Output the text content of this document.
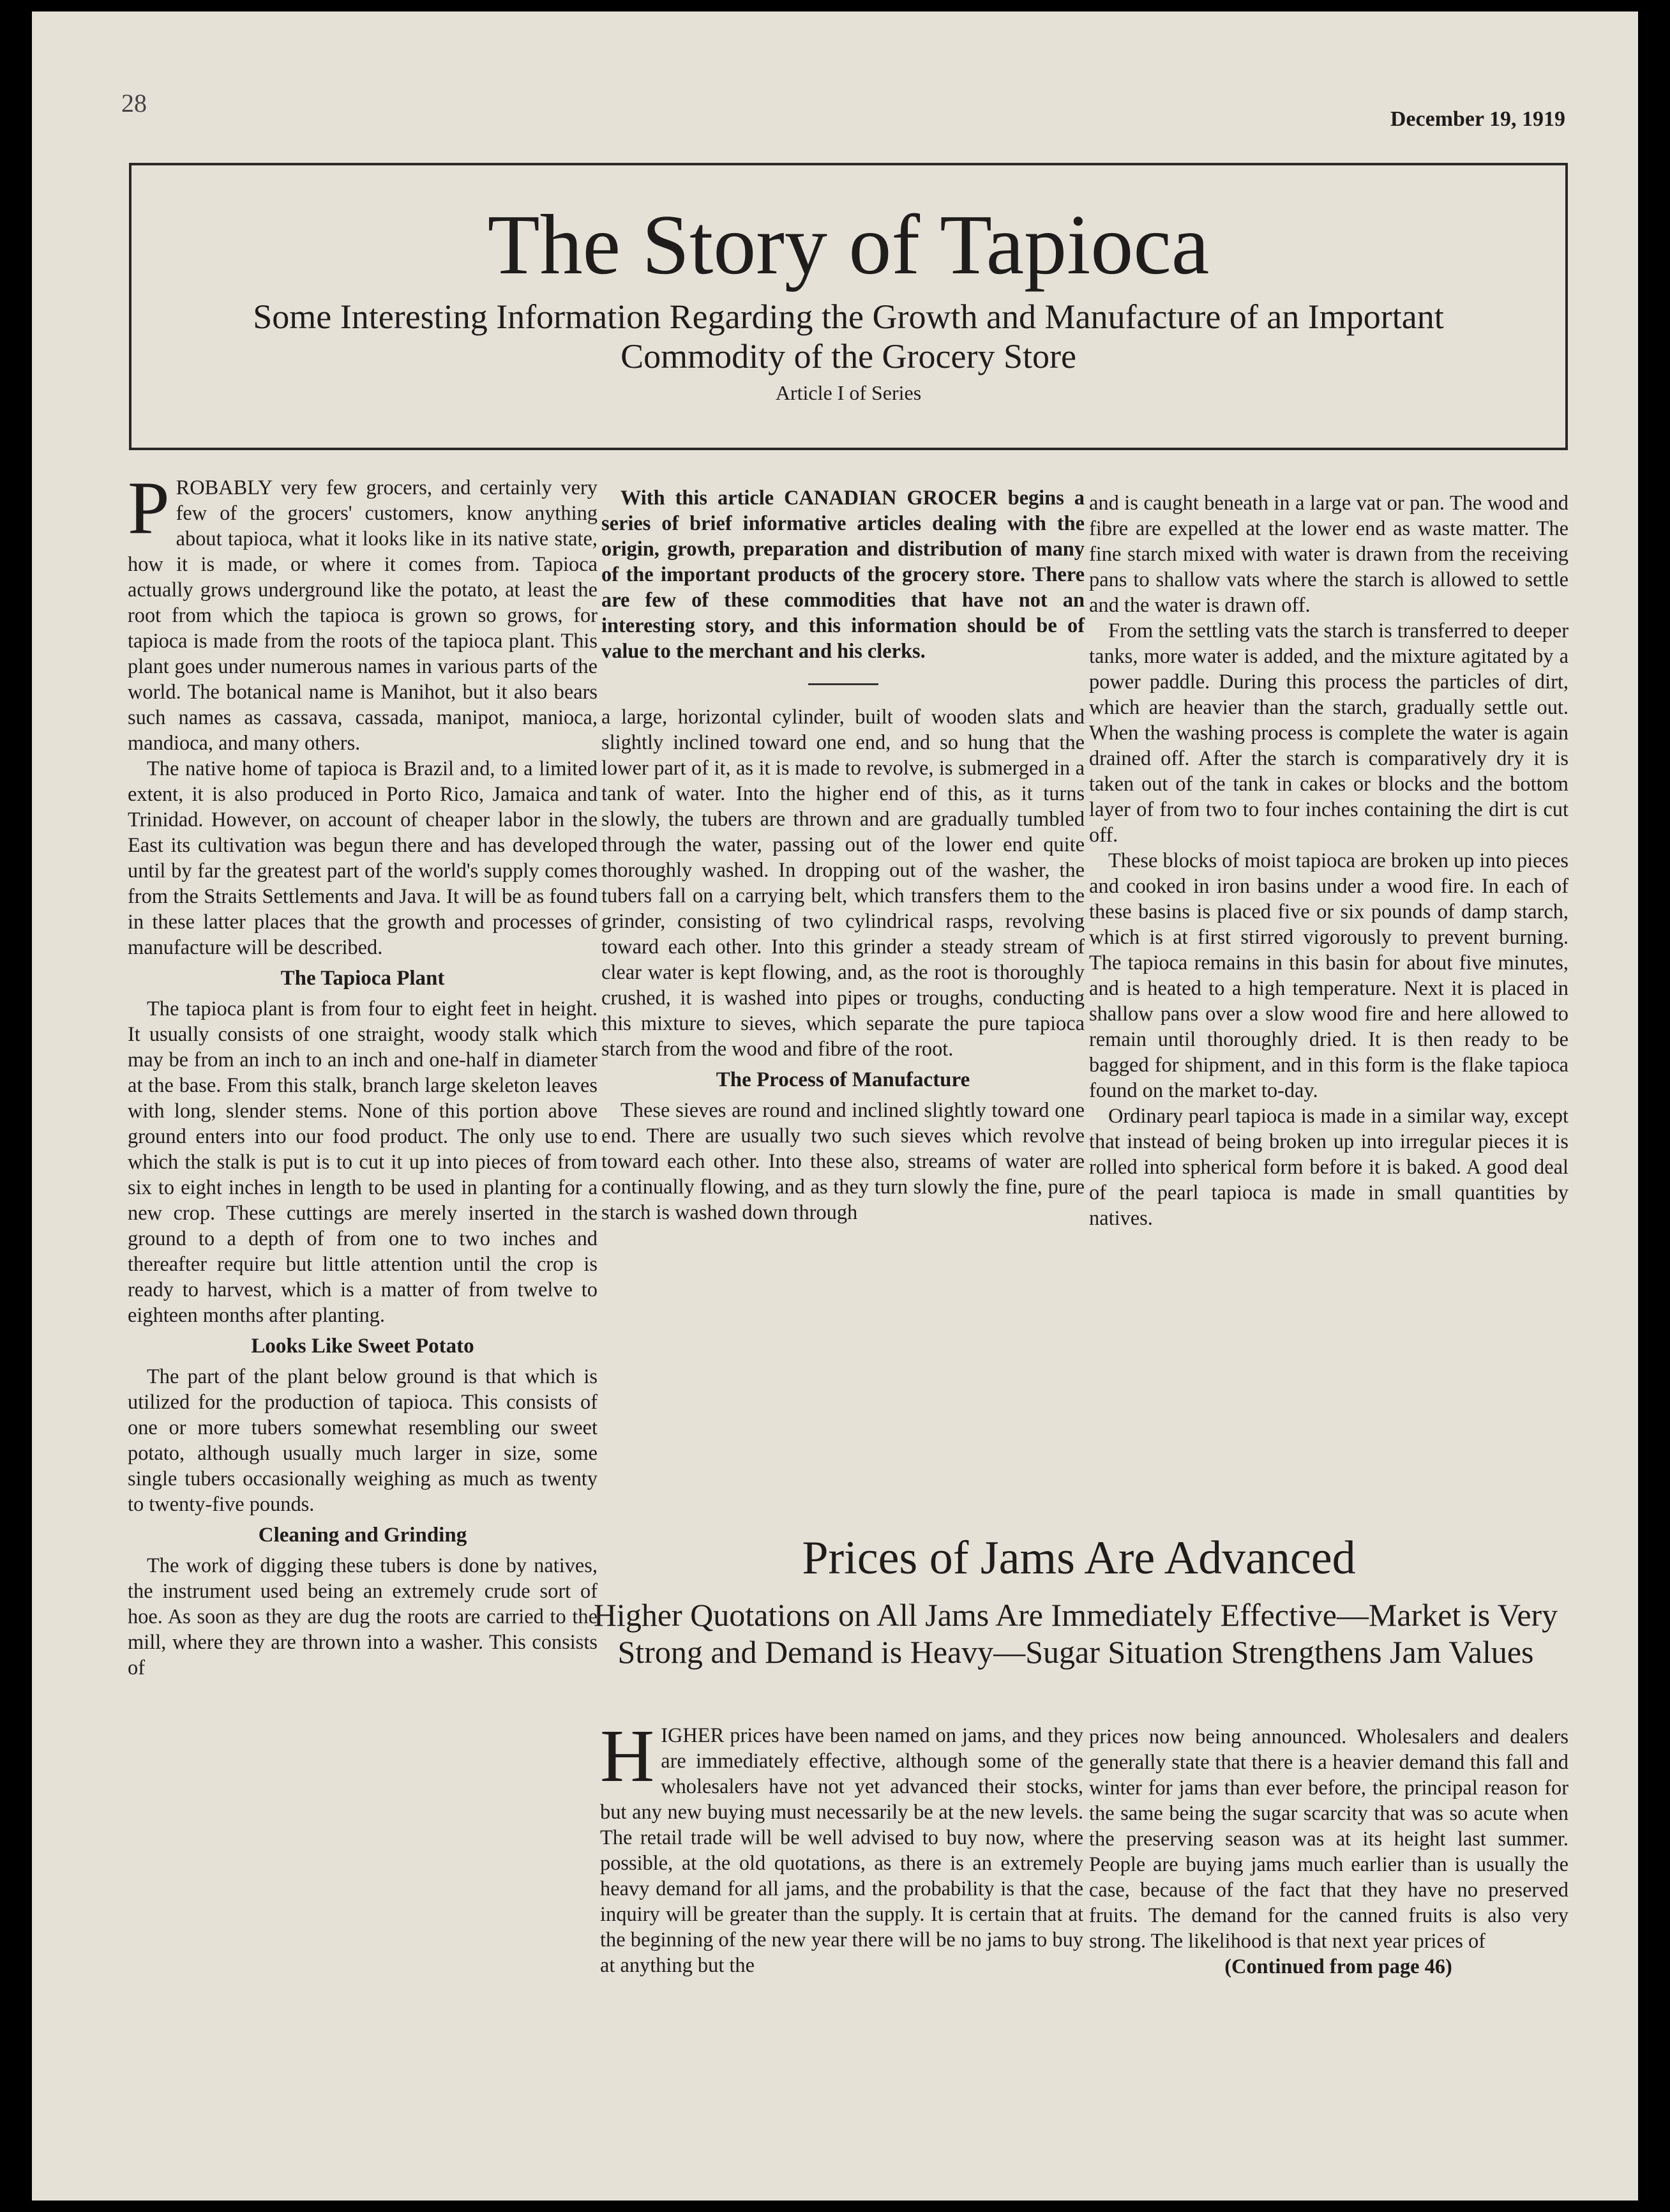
28
December 19, 1919
The Story of Tapioca
Some Interesting Information Regarding the Growth and Manufacture of an Important Commodity of the Grocery Store
Article I of Series

PROBABLY very few grocers, and certainly very few of the grocers' customers, know anything about tapioca, what it looks like in its native state, how it is made, or where it comes from. Tapioca actually grows underground like the potato, at least the root from which the tapioca is grown so grows, for tapioca is made from the roots of the tapioca plant. This plant goes under numerous names in various parts of the world. The botanical name is Manihot, but it also bears such names as cassava, cassada, manipot, manioca, mandioca, and many others.

The native home of tapioca is Brazil and, to a limited extent, it is also produced in Porto Rico, Jamaica and Trinidad. However, on account of cheaper labor in the East its cultivation was begun there and has developed until by far the greatest part of the world's supply comes from the Straits Settlements and Java. It will be as found in these latter places that the growth and processes of manufacture will be described.

The Tapioca Plant

The tapioca plant is from four to eight feet in height. It usually consists of one straight, woody stalk which may be from an inch to an inch and one-half in diameter at the base. From this stalk, branch large skeleton leaves with long, slender stems. None of this portion above ground enters into our food product. The only use to which the stalk is put is to cut it up into pieces of from six to eight inches in length to be used in planting for a new crop. These cuttings are merely inserted in the ground to a depth of from one to two inches and thereafter require but little attention until the crop is ready to harvest, which is a matter of from twelve to eighteen months after planting.

Looks Like Sweet Potato

The part of the plant below ground is that which is utilized for the production of tapioca. This consists of one or more tubers somewhat resembling our sweet potato, although usually much larger in size, some single tubers occasionally weighing as much as twenty to twenty-five pounds.

Cleaning and Grinding

The work of digging these tubers is done by natives, the instrument used being an extremely crude sort of hoe. As soon as they are dug the roots are carried to the mill, where they are thrown into a washer. This consists of

With this article CANADIAN GROCER begins a series of brief informative articles dealing with the origin, growth, preparation and distribution of many of the important products of the grocery store. There are few of these commodities that have not an interesting story, and this information should be of value to the merchant and his clerks.

a large, horizontal cylinder, built of wooden slats and slightly inclined toward one end, and so hung that the lower part of it, as it is made to revolve, is submerged in a tank of water. Into the higher end of this, as it turns slowly, the tubers are thrown and are gradually tumbled through the water, passing out of the lower end quite thoroughly washed. In dropping out of the washer, the tubers fall on a carrying belt, which transfers them to the grinder, consisting of two cylindrical rasps, revolving toward each other. Into this grinder a steady stream of clear water is kept flowing, and, as the root is thoroughly crushed, it is washed into pipes or troughs, conducting this mixture to sieves, which separate the pure tapioca starch from the wood and fibre of the root.

The Process of Manufacture

These sieves are round and inclined slightly toward one end. There are usually two such sieves which revolve toward each other. Into these also, streams of water are continually flowing, and as they turn slowly the fine, pure starch is washed down through

and is caught beneath in a large vat or pan. The wood and fibre are expelled at the lower end as waste matter. The fine starch mixed with water is drawn from the receiving pans to shallow vats where the starch is allowed to settle and the water is drawn off.

From the settling vats the starch is transferred to deeper tanks, more water is added, and the mixture agitated by a power paddle. During this process the particles of dirt, which are heavier than the starch, gradually settle out. When the washing process is complete the water is again drained off. After the starch is comparatively dry it is taken out of the tank in cakes or blocks and the bottom layer of from two to four inches containing the dirt is cut off.

These blocks of moist tapioca are broken up into pieces and cooked in iron basins under a wood fire. In each of these basins is placed five or six pounds of damp starch, which is at first stirred vigorously to prevent burning. The tapioca remains in this basin for about five minutes, and is heated to a high temperature. Next it is placed in shallow pans over a slow wood fire and here allowed to remain until thoroughly dried. It is then ready to be bagged for shipment, and in this form is the flake tapioca found on the market to-day.

Ordinary pearl tapioca is made in a similar way, except that instead of being broken up into irregular pieces it is rolled into spherical form before it is baked. A good deal of the pearl tapioca is made in small quantities by natives.

Prices of Jams Are Advanced
Higher Quotations on All Jams Are Immediately Effective—Market is Very Strong and Demand is Heavy—Sugar Situation Strengthens Jam Values

HIGHER prices have been named on jams, and they are immediately effective, although some of the wholesalers have not yet advanced their stocks, but any new buying must necessarily be at the new levels. The retail trade will be well advised to buy now, where possible, at the old quotations, as there is an extremely heavy demand for all jams, and the probability is that the inquiry will be greater than the supply. It is certain that at the beginning of the new year there will be no jams to buy at anything but the

prices now being announced. Wholesalers and dealers generally state that there is a heavier demand this fall and winter for jams than ever before, the principal reason for the same being the sugar scarcity that was so acute when the preserving season was at its height last summer. People are buying jams much earlier than is usually the case, because of the fact that they have no preserved fruits. The demand for the canned fruits is also very strong. The likelihood is that next year prices of

(Continued from page 46)
